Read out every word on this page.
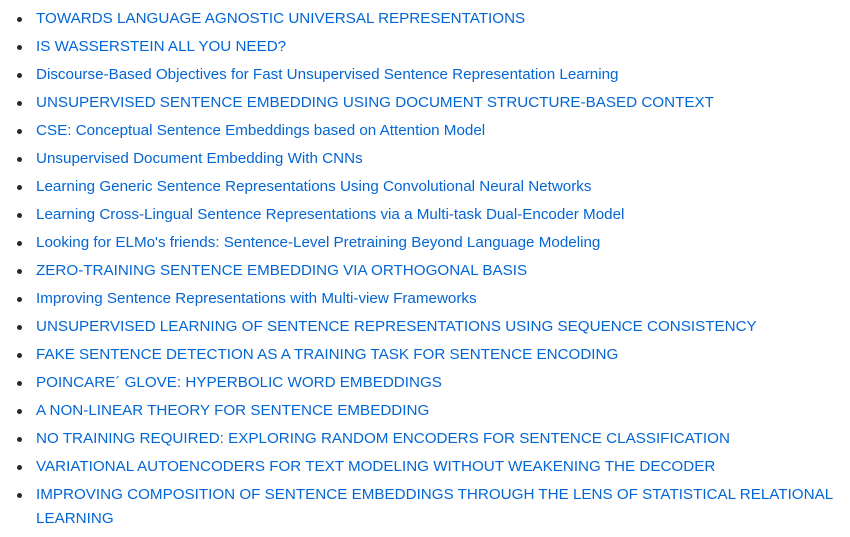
TOWARDS LANGUAGE AGNOSTIC UNIVERSAL REPRESENTATIONS
IS WASSERSTEIN ALL YOU NEED?
Discourse-Based Objectives for Fast Unsupervised Sentence Representation Learning
UNSUPERVISED SENTENCE EMBEDDING USING DOCUMENT STRUCTURE-BASED CONTEXT
CSE: Conceptual Sentence Embeddings based on Attention Model
Unsupervised Document Embedding With CNNs
Learning Generic Sentence Representations Using Convolutional Neural Networks
Learning Cross-Lingual Sentence Representations via a Multi-task Dual-Encoder Model
Looking for ELMo's friends: Sentence-Level Pretraining Beyond Language Modeling
ZERO-TRAINING SENTENCE EMBEDDING VIA ORTHOGONAL BASIS
Improving Sentence Representations with Multi-view Frameworks
UNSUPERVISED LEARNING OF SENTENCE REPRESENTATIONS USING SEQUENCE CONSISTENCY
FAKE SENTENCE DETECTION AS A TRAINING TASK FOR SENTENCE ENCODING
POINCARE´ GLOVE: HYPERBOLIC WORD EMBEDDINGS
A NON-LINEAR THEORY FOR SENTENCE EMBEDDING
NO TRAINING REQUIRED: EXPLORING RANDOM ENCODERS FOR SENTENCE CLASSIFICATION
VARIATIONAL AUTOENCODERS FOR TEXT MODELING WITHOUT WEAKENING THE DECODER
IMPROVING COMPOSITION OF SENTENCE EMBEDDINGS THROUGH THE LENS OF STATISTICAL RELATIONAL LEARNING
